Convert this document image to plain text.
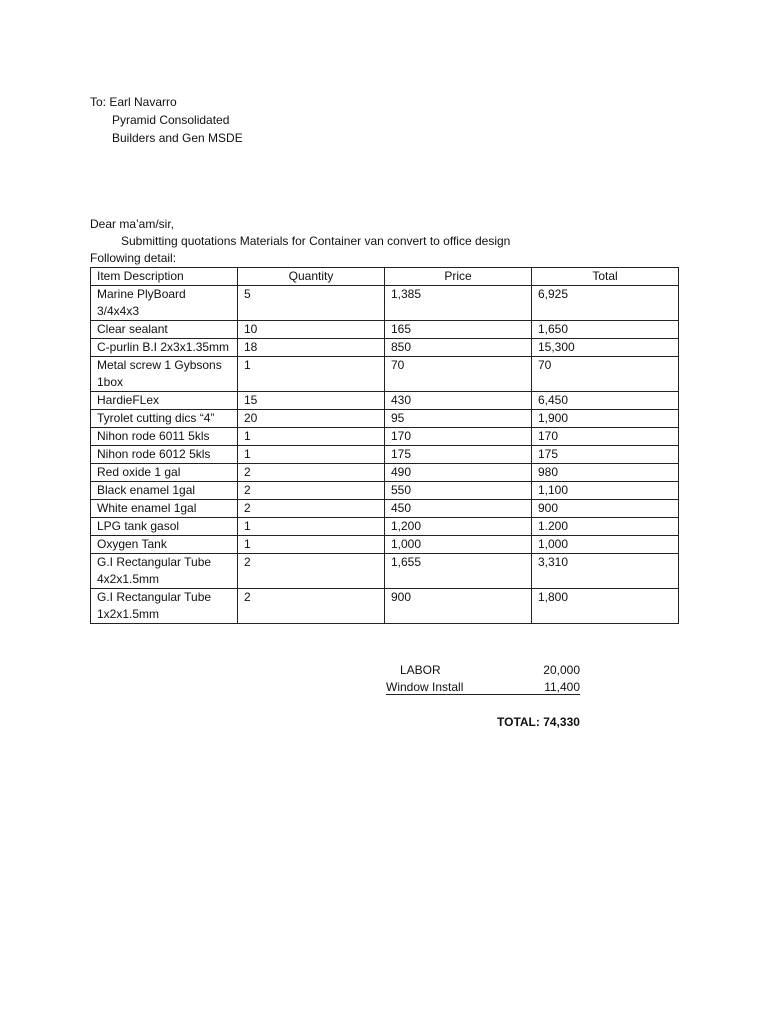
To: Earl Navarro
Pyramid Consolidated
Builders and Gen MSDE
Dear ma’am/sir,
Submitting quotations Materials for Container van convert to office design
Following detail:
Item Description	Quantity	Price	Total
Marine PlyBoard 3/4x4x3	5	1,385	6,925
Clear sealant	10	165	1,650
C-purlin B.I 2x3x1.35mm	18	850	15,300
Metal screw 1 Gybsons 1box	1	70	70
HardieFLex	15	430	6,450
Tyrolet cutting dics “4”	20	95	1,900
Nihon rode 6011 5kls	1	170	170
Nihon rode 6012 5kls	1	175	175
Red oxide 1 gal	2	490	980
Black enamel 1gal	2	550	1,100
White enamel 1gal	2	450	900
LPG tank gasol	1	1,200	1.200
Oxygen Tank	1	1,000	1,000
G.I Rectangular Tube 4x2x1.5mm	2	1,655	3,310
G.I Rectangular Tube 1x2x1.5mm	2	900	1,800
LABOR	20,000
Window Install	11,400
TOTAL: 74,330
